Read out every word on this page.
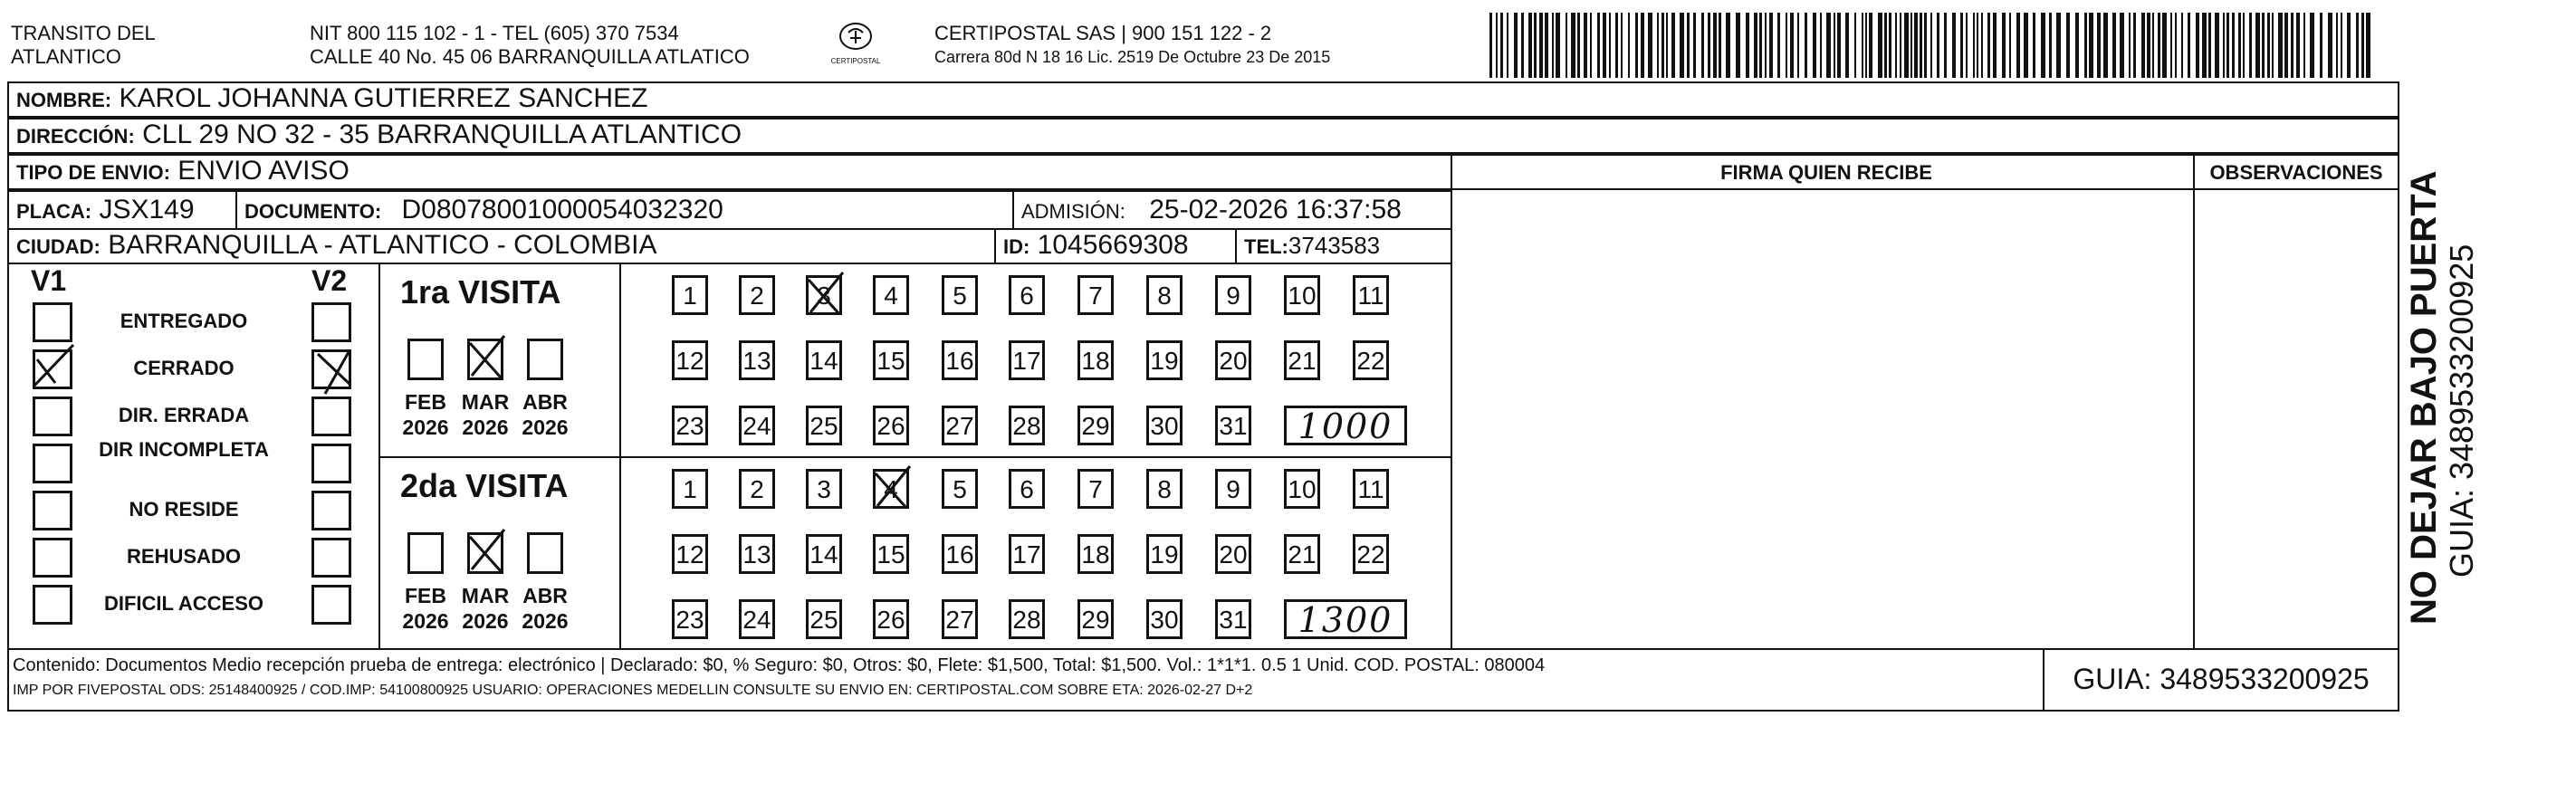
TRANSITO DEL
ATLANTICO
NIT 800 115 102 - 1 - TEL (605) 370 7534
CALLE 40 No. 45 06 BARRANQUILLA ATLATICO	CERTIPOSTAL
CERTIPOSTAL SAS | 900 151 122 - 2
Carrera 80d N 18 16 Lic. 2519 De Octubre 23 De 2015
NOMBRE: KAROL JOHANNA GUTIERREZ SANCHEZ
DIRECCIÓN: CLL 29 NO 32 - 35 BARRANQUILLA ATLANTICO
TIPO DE ENVIO: ENVIO AVISO	FIRMA QUIEN RECIBE	OBSERVACIONES
PLACA: JSX149	DOCUMENTO: D08078001000054032320	ADMISIÓN: 25-02-2026 16:37:58
CIUDAD: BARRANQUILLA - ATLANTICO - COLOMBIA	ID: 1045669308	TEL:3743583
V1	V2
ENTREGADO
CERRADO
DIR. ERRADA
DIR INCOMPLETA
NO RESIDE
REHUSADO
DIFICIL ACCESO
1ra VISITA
2da VISITA
FEB
2026
MAR
2026
ABR
2026
1	2	3	4	5	6	7	8	9	10 11
12 13 14 15 16 17 18 19 20 21 22
23 24 25 26 27 28 29 30 31	1000
FEB
2026
MAR
2026
ABR
2026
1	2	3	4	5	6	7	8	9	10 11
12 13 14 15 16 17 18 19 20 21 22
23 24 25 26 27 28 29 30 31	1300
Contenido: Documentos Medio recepción prueba de entrega: electrónico | Declarado: $0, % Seguro: $0, Otros: $0, Flete: $1,500, Total: $1,500. Vol.: 1*1*1. 0.5 1 Unid. COD. POSTAL: 080004
IMP POR FIVEPOSTAL ODS: 25148400925 / COD.IMP: 54100800925 USUARIO: OPERACIONES MEDELLIN CONSULTE SU ENVIO EN: CERTIPOSTAL.COM SOBRE ETA: 2026-02-27 D+2	GUIA: 3489533200925
NO DEJAR BAJO PUERTA GUIA: 3489533200925
